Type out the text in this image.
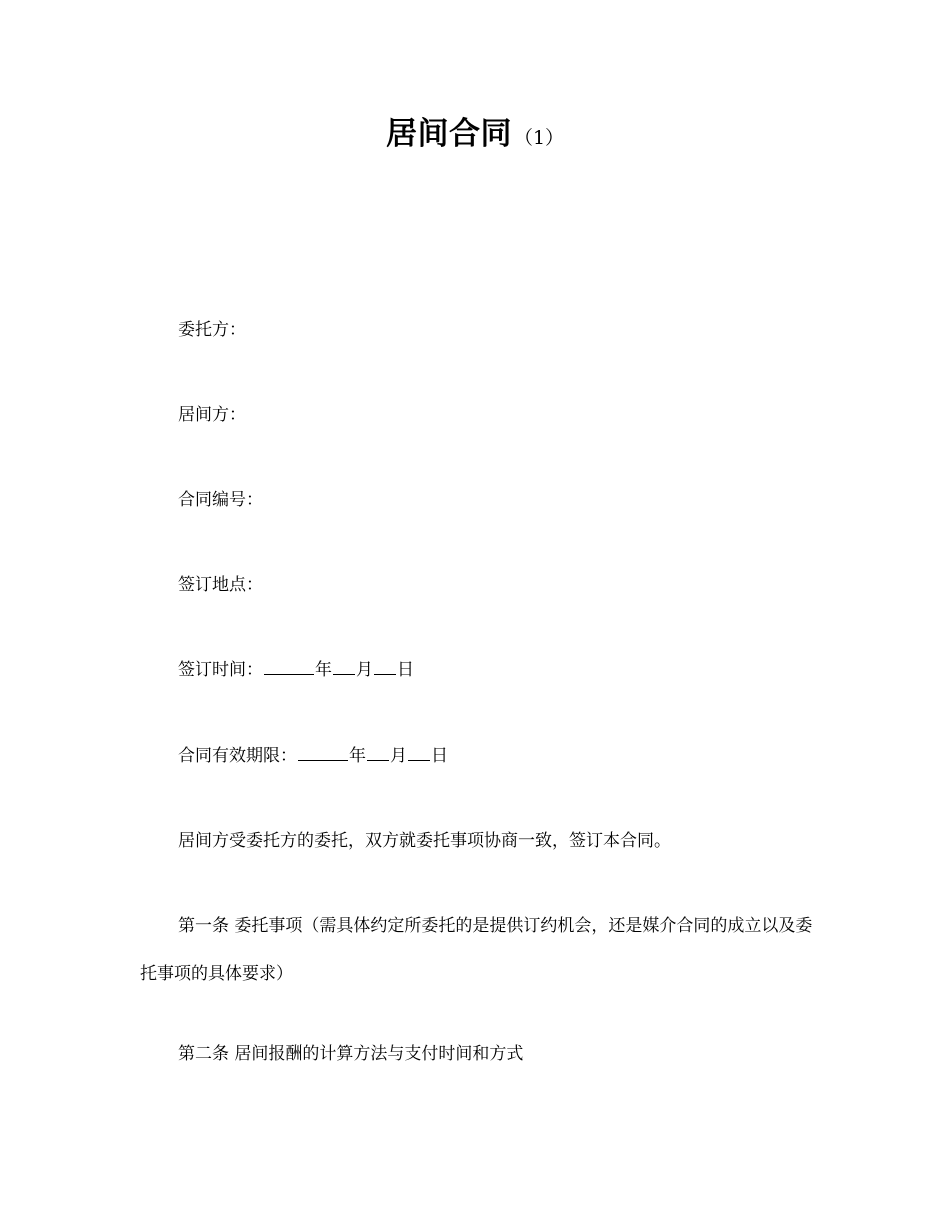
居间合同 （1）
委托方：
居间方：
合同编号：
签订地点：
签订时间：	年 月 日
合同有效期限：	年 月 日
居间方受委托方的委托，双方就委托事项协商一致，签订本合同。
第一条 委托事项（需具体约定所委托的是提供订约机会，还是媒介合同的成立以及委托事项的具体要求）
第二条 居间报酬的计算方法与支付时间和方式
